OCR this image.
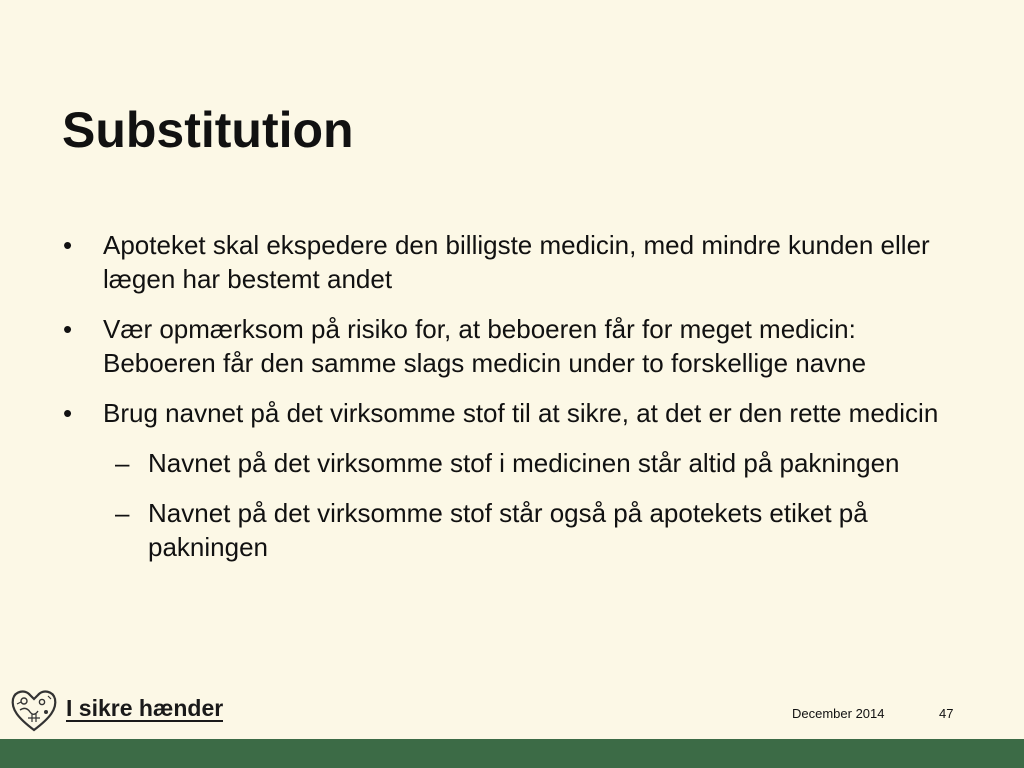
Substitution
• Apoteket skal ekspedere den billigste medicin, med mindre kunden eller lægen har bestemt andet
• Vær opmærksom på risiko for, at beboeren får for meget medicin: Beboeren får den samme slags medicin under to forskellige navne
• Brug navnet på det virksomme stof til at sikre, at det er den rette medicin
– Navnet på det virksomme stof i medicinen står altid på pakningen
– Navnet på det virksomme stof står også på apotekets etiket på pakningen
I sikre hænder	December 2014	47
